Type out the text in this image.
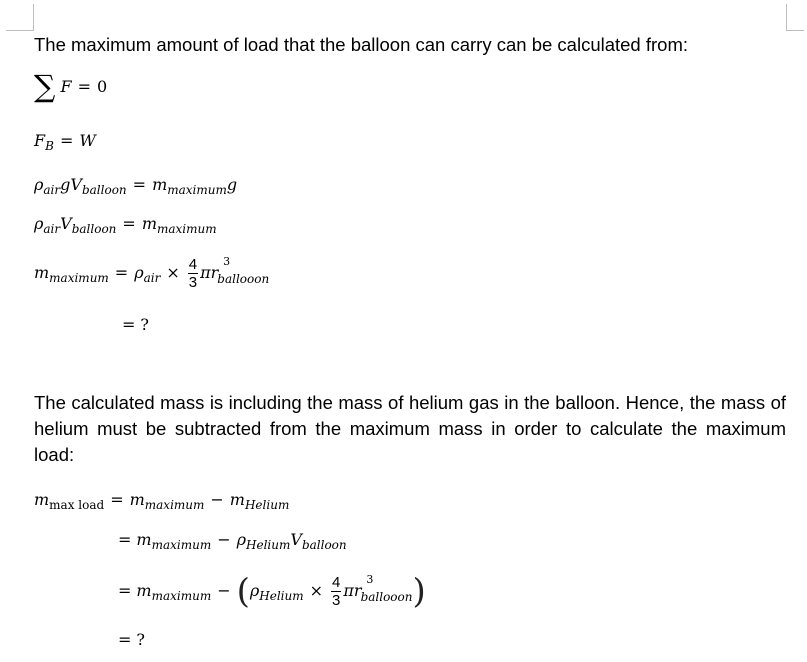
The maximum amount of load that the balloon can carry can be calculated from:

∑ F = 0
$F_B = W$
$\rho_{air}gV_{balloon} = m_{maximum}g$
$\rho_{air}V_{balloon} = m_{maximum}$
$m_{maximum} = \rho_{air} \times \frac{4}{3}$ πr
3
$_{ballooon}$
= ?

The calculated mass is including the mass of helium gas in the balloon. Hence, the mass of helium must be subtracted from the maximum mass in order to calculate the maximum load:

$m_{max load} = m_{maximum} - m_{Helium}$
= $m_{maximum} - \rho_{Helium}V_{balloon}$
= $m_{maximum} - (\rho_{Helium} \times \frac{4}{3}$ πr
3
$_{ballooon}$)
= ?
